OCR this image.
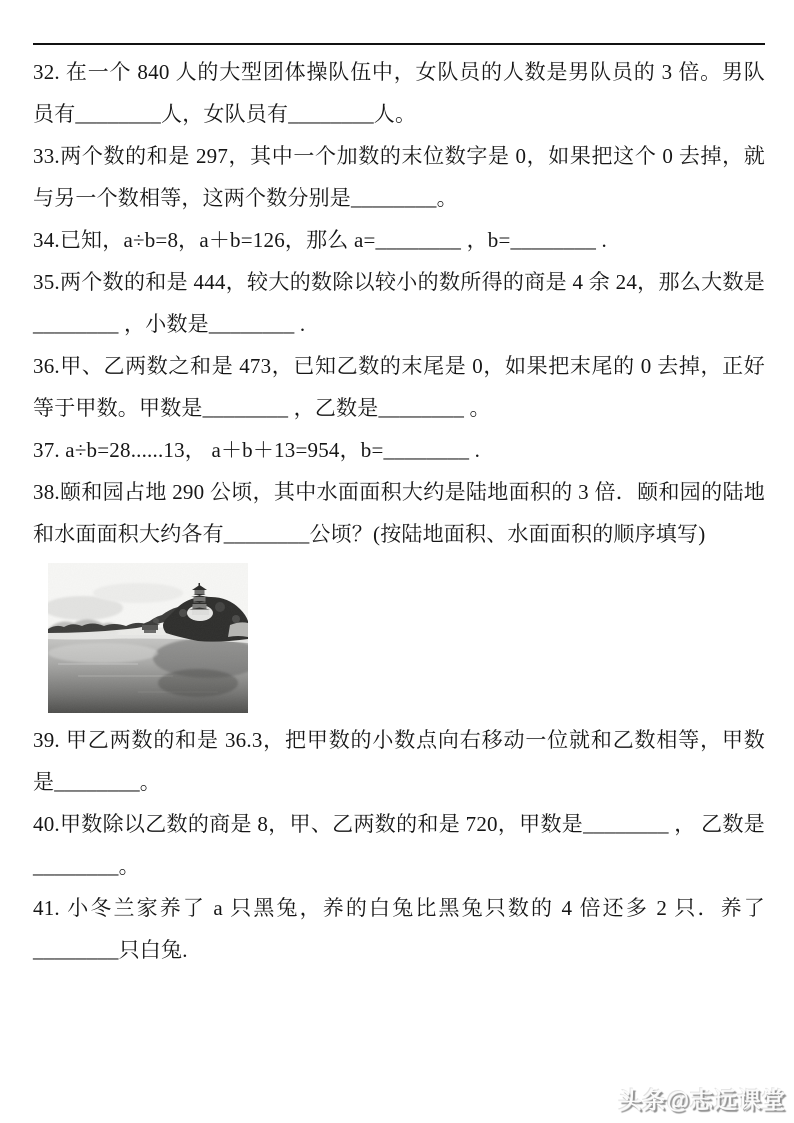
32. 在一个 840 人的大型团体操队伍中，女队员的人数是男队员的 3 倍。男队员有________人，女队员有________人。

33.两个数的和是 297，其中一个加数的末位数字是 0，如果把这个 0 去掉，就与另一个数相等，这两个数分别是________。

34.已知，a÷b=8，a＋b=126，那么 a=________ ，b=________ .

35.两个数的和是 444，较大的数除以较小的数所得的商是 4 余 24，那么大数是________ ，小数是________ .

36.甲、乙两数之和是 473，已知乙数的末尾是 0，如果把末尾的 0 去掉，正好等于甲数。甲数是________ ，乙数是________ 。

37. a÷b=28......13， a＋b＋13=954，b=________ .

38.颐和园占地 290 公顷，其中水面面积大约是陆地面积的 3 倍．颐和园的陆地和水面面积大约各有________公顷？(按陆地面积、水面面积的顺序填写)

39. 甲乙两数的和是 36.3，把甲数的小数点向右移动一位就和乙数相等，甲数是________。

40.甲数除以乙数的商是 8，甲、乙两数的和是 720，甲数是________ ， 乙数是________。

41. 小冬兰家养了 a 只黑兔，养的白兔比黑兔只数的 4 倍还多 2 只．养了________只白兔.

头条@志远课堂
